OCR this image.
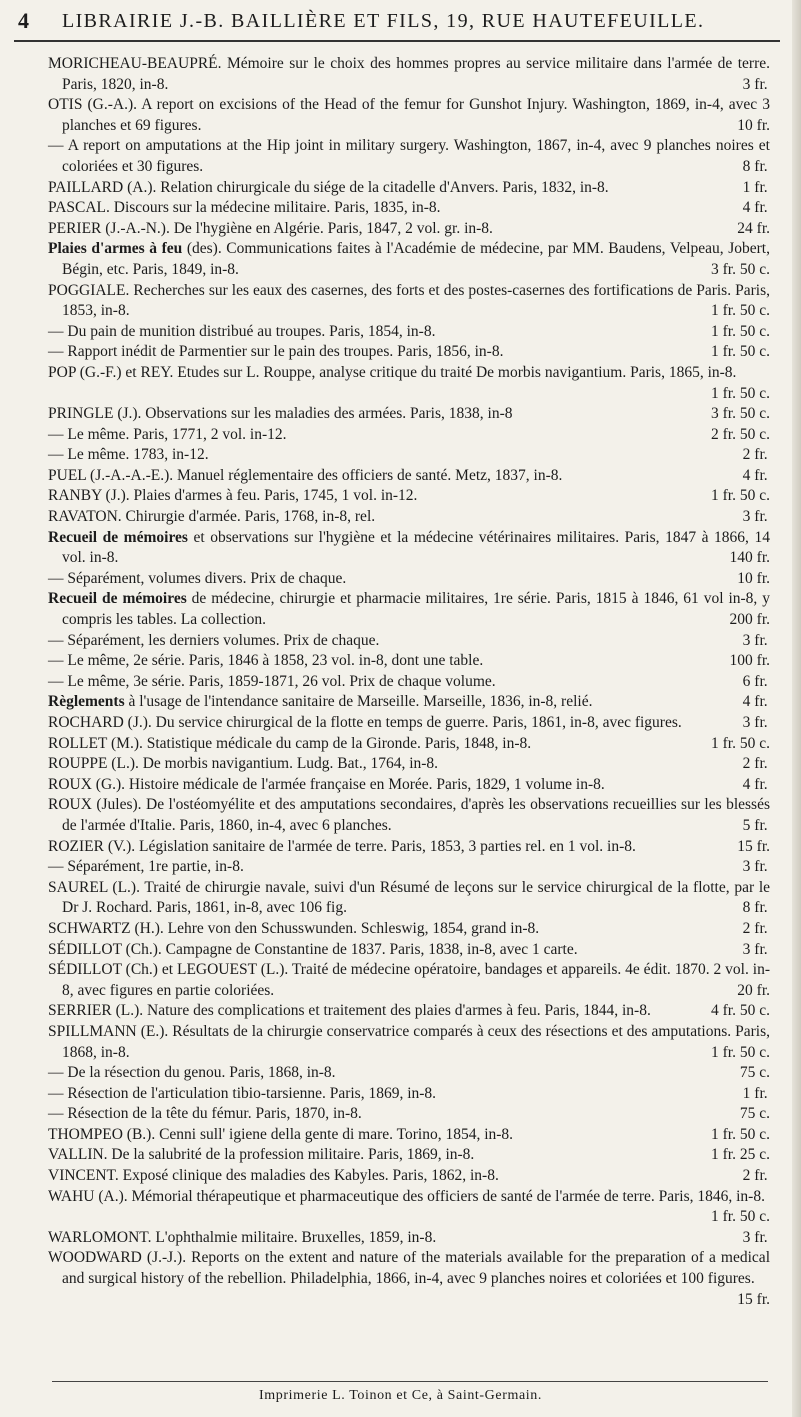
4 LIBRAIRIE J.-B. BAILLIÈRE ET FILS, 19, RUE HAUTEFEUILLE.
MORICHEAU-BEAUPRÉ. Mémoire sur le choix des hommes propres au service militaire dans l'armée de terre. Paris, 1820, in-8.	3 fr.
OTIS (G.-A.). A report on excisions of the Head of the femur for Gunshot Injury. Washington, 1869, in-4, avec 3 planches et 69 figures.	10 fr.
— A report on amputations at the Hip joint in military surgery. Washington, 1867, in-4, avec 9 planches noires et coloriées et 30 figures.	8 fr.
PAILLARD (A.). Relation chirurgicale du siége de la citadelle d'Anvers. Paris, 1832, in-8.	1 fr.
PASCAL. Discours sur la médecine militaire. Paris, 1835, in-8.	4 fr.
PERIER (J.-A.-N.). De l'hygiène en Algérie. Paris, 1847, 2 vol. gr. in-8.	24 fr.
Plaies d'armes à feu (des). Communications faites à l'Académie de médecine, par MM. Baudens, Velpeau, Jobert, Bégin, etc. Paris, 1849, in-8.	3 fr. 50 c.
POGGIALE. Recherches sur les eaux des casernes, des forts et des postes-casernes des fortifications de Paris. Paris, 1853, in-8.	1 fr. 50 c.
— Du pain de munition distribué au troupes. Paris, 1854, in-8.	1 fr. 50 c.
— Rapport inédit de Parmentier sur le pain des troupes. Paris, 1856, in-8.	1 fr. 50 c.
POP (G.-F.) et REY. Etudes sur L. Rouppe, analyse critique du traité De morbis navigantium. Paris, 1865, in-8.
1 fr. 50 c.
PRINGLE (J.). Observations sur les maladies des armées. Paris, 1838, in-8	3 fr. 50 c.
— Le même. Paris, 1771, 2 vol. in-12.	2 fr. 50 c.
— Le même. 1783, in-12.	2 fr.
PUEL (J.-A.-A.-E.). Manuel réglementaire des officiers de santé. Metz, 1837, in-8.	4 fr.
RANBY (J.). Plaies d'armes à feu. Paris, 1745, 1 vol. in-12.	1 fr. 50 c.
RAVATON. Chirurgie d'armée. Paris, 1768, in-8, rel.	3 fr.
Recueil de mémoires et observations sur l'hygiène et la médecine vétérinaires militaires. Paris, 1847 à 1866, 14 vol. in-8.	140 fr.
— Séparément, volumes divers. Prix de chaque.	10 fr.
Recueil de mémoires de médecine, chirurgie et pharmacie militaires, 1re série. Paris, 1815 à 1846, 61 vol in-8, y compris les tables. La collection.	200 fr.
— Séparément, les derniers volumes. Prix de chaque.	3 fr.
— Le même, 2e série. Paris, 1846 à 1858, 23 vol. in-8, dont une table.	100 fr.
— Le même, 3e série. Paris, 1859-1871, 26 vol. Prix de chaque volume.	6 fr.
Règlements à l'usage de l'intendance sanitaire de Marseille. Marseille, 1836, in-8, relié.	4 fr.
ROCHARD (J.). Du service chirurgical de la flotte en temps de guerre. Paris, 1861, in-8, avec figures.	3 fr.
ROLLET (M.). Statistique médicale du camp de la Gironde. Paris, 1848, in-8.	1 fr. 50 c.
ROUPPE (L.). De morbis navigantium. Ludg. Bat., 1764, in-8.	2 fr.
ROUX (G.). Histoire médicale de l'armée française en Morée. Paris, 1829, 1 volume in-8.	4 fr.
ROUX (Jules). De l'ostéomyélite et des amputations secondaires, d'après les observations recueillies sur les blessés de l'armée d'Italie. Paris, 1860, in-4, avec 6 planches.	5 fr.
ROZIER (V.). Législation sanitaire de l'armée de terre. Paris, 1853, 3 parties rel. en 1 vol. in-8.	15 fr.
— Séparément, 1re partie, in-8.	3 fr.
SAUREL (L.). Traité de chirurgie navale, suivi d'un Résumé de leçons sur le service chirurgical de la flotte, par le Dr J. Rochard. Paris, 1861, in-8, avec 106 fig.	8 fr.
SCHWARTZ (H.). Lehre von den Schusswunden. Schleswig, 1854, grand in-8.	2 fr.
SÉDILLOT (Ch.). Campagne de Constantine de 1837. Paris, 1838, in-8, avec 1 carte.	3 fr.
SÉDILLOT (Ch.) et LEGOUEST (L.). Traité de médecine opératoire, bandages et appareils. 4e édit. 1870. 2 vol. in-8, avec figures en partie coloriées.	20 fr.
SERRIER (L.). Nature des complications et traitement des plaies d'armes à feu. Paris, 1844, in-8.	4 fr. 50 c.
SPILLMANN (E.). Résultats de la chirurgie conservatrice comparés à ceux des résections et des amputations. Paris, 1868, in-8.	1 fr. 50 c.
— De la résection du genou. Paris, 1868, in-8.	75 c.
— Résection de l'articulation tibio-tarsienne. Paris, 1869, in-8.	1 fr.
— Résection de la tête du fémur. Paris, 1870, in-8.	75 c.
THOMPEO (B.). Cenni sull' igiene della gente di mare. Torino, 1854, in-8.	1 fr. 50 c.
VALLIN. De la salubrité de la profession militaire. Paris, 1869, in-8.	1 fr. 25 c.
VINCENT. Exposé clinique des maladies des Kabyles. Paris, 1862, in-8.	2 fr.
WAHU (A.). Mémorial thérapeutique et pharmaceutique des officiers de santé de l'armée de terre. Paris, 1846, in-8.
1 fr. 50 c.
WARLOMONT. L'ophthalmie militaire. Bruxelles, 1859, in-8.	3 fr.
WOODWARD (J.-J.). Reports on the extent and nature of the materials available for the preparation of a medical and surgical history of the rebellion. Philadelphia, 1866, in-4, avec 9 planches noires et coloriées et 100 figures.
15 fr.
Imprimerie L. Toinon et Ce, à Saint-Germain.
